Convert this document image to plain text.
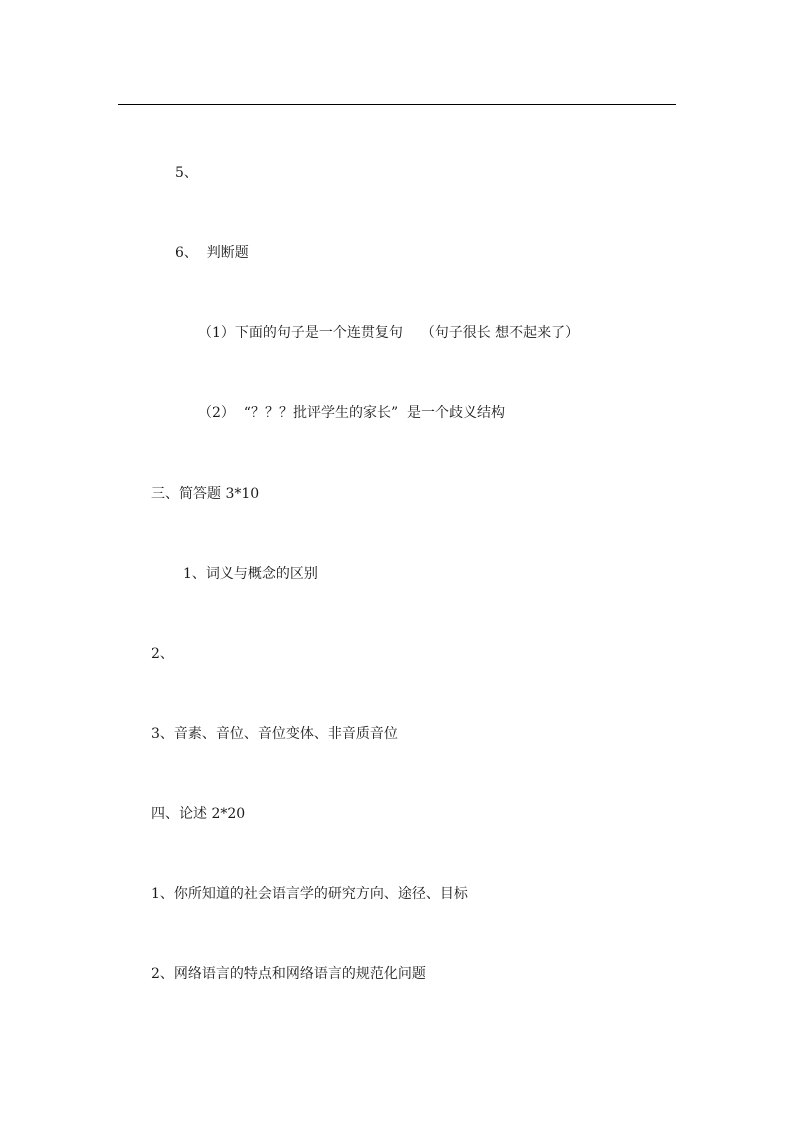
5、
6、  判断题
（1）下面的句子是一个连贯复句    （句子很长 想不起来了）
（2）  “？？？批评学生的家长”  是一个歧义结构
三、简答题 3*10
1、词义与概念的区别
2、
3、音素、音位、音位变体、非音质音位
四、论述 2*20
1、你所知道的社会语言学的研究方向、途径、目标
2、网络语言的特点和网络语言的规范化问题
